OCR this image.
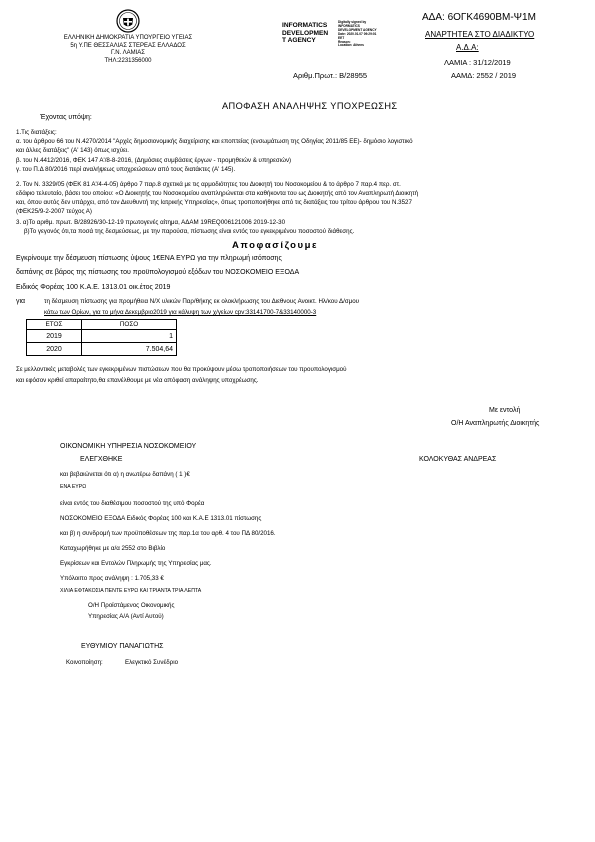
ΕΛΛΗΝΙΚΗ ΔΗΜΟΚΡΑΤΙΑ ΥΠΟΥΡΓΕΙΟ ΥΓΕΙΑΣ
5η Υ.ΠΕ ΘΕΣΣΑΛΙΑΣ ΣΤΕΡΕΑΣ ΕΛΛΑΔΟΣ
Γ.Ν. ΛΑΜΙΑΣ
ΤΗΛ:2231356000
INFORMATICS
DEVELOPMEN
T AGENCY
Digitally signed by
INFORMATICS
DEVELOPMENT AGENCY
Date: 2020.01.07 09:29:01
EET
Reason:
Location: Athens
ΑΔΑ: 6ΟΓΚ4690ΒΜ-Ψ1Μ
ΑΝΑΡΤΗΤΕΑ ΣΤΟ ΔΙΑΔΙΚΤΥΟ
Α.Δ.Α:
ΛΑΜΙΑ : 31/12/2019
ΑΑΜΔ: 2552 / 2019
Αριθμ.Πρωτ.: Β/28955
ΑΠΟΦΑΣΗ ΑΝΑΛΗΨΗΣ ΥΠΟΧΡΕΩΣΗΣ
Έχοντας υπόψη:
1.Τις διατάξεις:
α. του άρθρου 66 του Ν.4270/2014 "Αρχές δημοσιονομικής διαχείρισης και εποπτείας (ενσωμάτωση της Οδηγίας 2011/85 ΕΕ)- δημόσιο λογιστικό
και άλλες διατάξεις" (Α' 143) όπως ισχύει.
β. του Ν.4412/2016, ΦΕΚ 147 Α'/8-8-2016, (Δημόσιες συμβάσεις έργων - προμηθειών & υπηρεσιών)
γ. του Π.Δ 80/2016 περί αναλήψεως υποχρεώσεων από τους διατάκτες (Α' 145).
2. Τον Ν. 3329/05 (ΦΕΚ 81 Α'/4-4-05) άρθρο 7 παρ.8 σχετικά με τις αρμοδιότητες του Διοικητή του Νοσοκομείου & το άρθρο 7 παρ.4 περ. στ.
εδάφιο τελευταίο, βάσει του οποίου: «Ο Διοικητής του Νοσοκομείου αναπληρώνεται στα καθήκοντα του ως Διοικητής από τον Αναπληρωτή Διοικητή
και, όπου αυτός δεν υπάρχει, από τον Διευθυντή της Ιατρικής Υπηρεσίας», όπως τροποποιήθηκε από τις διατάξεις του τρίτου άρθρου του Ν.3527
(ΦΕΚ25/9-2-2007 τεύχος Α)
3. α)Το αριθμ. πρωτ. Β/28926/30-12-19 πρωτογενές αίτημα, ΑΔΑΜ 19REQ006121006 2019-12-30
β)Το γεγονός ότι,τα ποσά της δεσμεύσεως, με την παρούσα, πίστωσης είναι εντός του εγκεκριμένου ποσοστού διάθεσης.
Αποφασίζουμε
Εγκρίνουμε την δέσμευση πίστωσης ύψους 1€ΕΝΑ ΕΥΡΩ για την πληρωμή ισόποσης
δαπάνης σε βάρος της πίστωσης του προϋπολογισμού εξόδων του ΝΟΣΟΚΟΜΕΙΟ ΕΞΟΔΑ
Ειδικός Φορέας 100 Κ.Α.Ε. 1313.01 οικ.έτος 2019
για	τη δέσμευση πίστωσης για προμήθεια Ν/Χ υλικών Παρ/θήκης εκ ολοκλήρωσης του Διεθνους Ανοικτ. Ηλ/κου Δ/σμου
κάτω των Ορίων, για το μήνα Δεκεμβριο2019 για κάλυψη των χ/γείων cpv:33141700-7&33140000-3
ΕΤΟΣ	ΠΟΣΟ
2019	1
2020	7.504,64
Σε μελλοντικές μεταβολές των εγκεκριμένων πιστώσεων που θα προκύψουν μέσω τροποποιήσεων του προυπολογισμού
και εφόσον κριθεί απαραίτητο,θα επανέλθουμε με νέα απόφαση ανάληψης υποχρέωσης.
Με εντολή
Ο/Η Αναπληρωτής Διοικητής
ΟΙΚΟΝΟΜΙΚΗ ΥΠΗΡΕΣΙΑ ΝΟΣΟΚΟΜΕΙΟΥ
ΕΛΕΓΧΘΗΚΕ	ΚΟΛΟΚΥΘΑΣ ΑΝΔΡΕΑΣ
και βεβαιώνεται ότι α) η ανωτέρω δαπάνη ( 1 )€
ΕΝΑ ΕΥΡΩ
είναι εντός του διαθέσιμου ποσοστού της υπό Φορέα
ΝΟΣΟΚΟΜΕΙΟ ΕΞΟΔΑ Ειδικός Φορέας 100 και Κ.Α.Ε 1313.01 πίστωσης
και β) η συνδρομή των προϋποθέσεων της παρ.1α του αρθ. 4 του ΠΔ 80/2016.
Καταχωρήθηκε με α/α 2552 στο Βιβλίο
Εγκρίσεων και Εντολών Πληρωμής της Υπηρεσίας μας.
Υπόλοιπο προς ανάληψη : 1.705,33 €
ΧΙΛΙΑ ΕΦΤΑΚΟΣΙΑ ΠΕΝΤΕ ΕΥΡΩ ΚΑΙ ΤΡΙΑΝΤΑ ΤΡΙΑ ΛΕΠΤΑ
Ο/Η Προϊστάμενος Οικονομικής
Υπηρεσίας Α/Α (Αντί Αυτού)
ΕΥΘΥΜΙΟΥ ΠΑΝΑΓΙΩΤΗΣ
Κοινοποίηση:	Ελεγκτικό Συνέδριο
